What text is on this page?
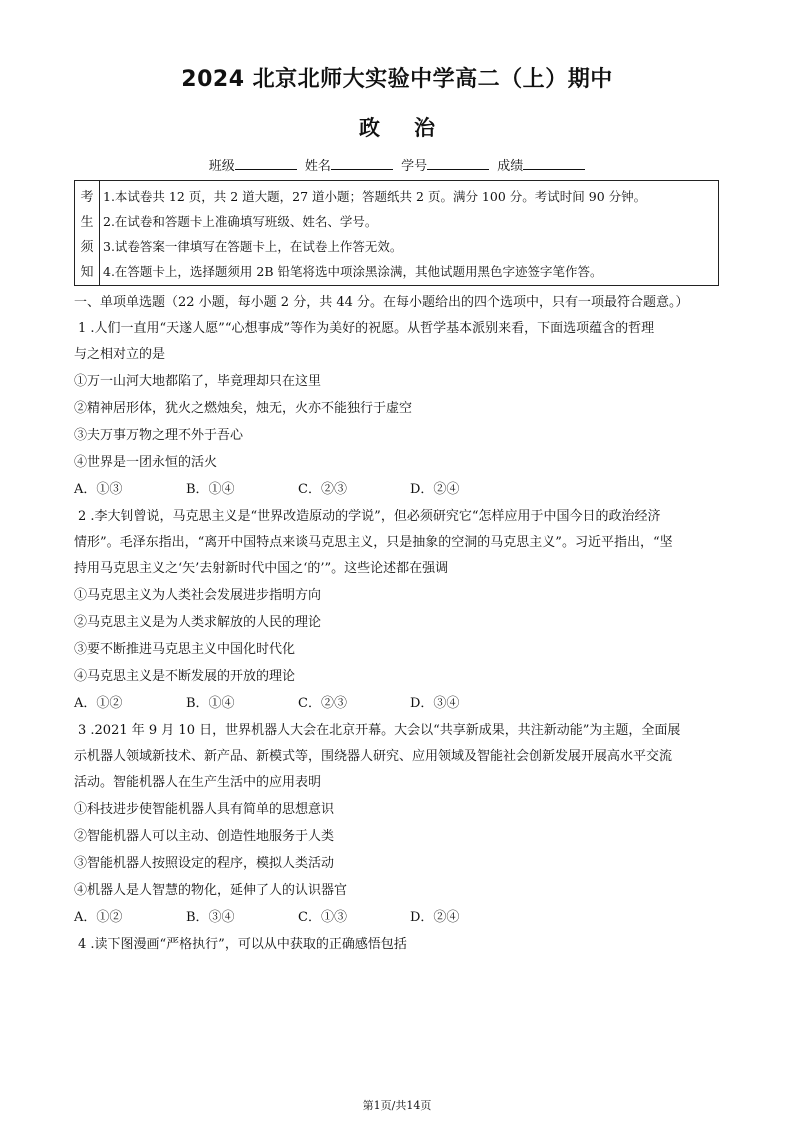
2024 北京北师大实验中学高二（上）期中
政治
班级	姓名	学号	成绩
考
生
须
知
1.本试卷共 12 页，共 2 道大题，27 道小题；答题纸共 2 页。满分 100 分。考试时间 90 分钟。
2.在试卷和答题卡上准确填写班级、姓名、学号。
3.试卷答案一律填写在答题卡上，在试卷上作答无效。
4.在答题卡上，选择题须用 2B 铅笔将选中项涂黑涂满，其他试题用黑色字迹签字笔作答。
一、单项单选题（22 小题，每小题 2 分，共 44 分。在每小题给出的四个选项中，只有一项最符合题意。）

1 .人们一直用“天遂人愿”“心想事成”等作为美好的祝愿。从哲学基本派别来看，下面选项蕴含的哲理

与之相对立的是

①万一山河大地都陷了，毕竟理却只在这里

②精神居形体，犹火之燃烛矣，烛无，火亦不能独行于虚空

③夫万事万物之理不外于吾心

④世界是一团永恒的活火

A．①③	B．①④	C．②③	D．②④

2 .李大钊曾说，马克思主义是“世界改造原动的学说”，但必须研究它“怎样应用于中国今日的政治经济

情形”。毛泽东指出，“离开中国特点来谈马克思主义，只是抽象的空洞的马克思主义”。习近平指出，“坚

持用马克思主义之‘矢’去射新时代中国之‘的’”。这些论述都在强调

①马克思主义为人类社会发展进步指明方向

②马克思主义是为人类求解放的人民的理论

③要不断推进马克思主义中国化时代化

④马克思主义是不断发展的开放的理论

A．①②	B．①④	C．②③	D．③④

3 .2021 年 9 月 10 日，世界机器人大会在北京开幕。大会以“共享新成果，共注新动能”为主题，全面展

示机器人领域新技术、新产品、新模式等，围绕器人研究、应用领域及智能社会创新发展开展高水平交流

活动。智能机器人在生产生活中的应用表明

①科技进步使智能机器人具有简单的思想意识

②智能机器人可以主动、创造性地服务于人类

③智能机器人按照设定的程序，模拟人类活动

④机器人是人智慧的物化，延伸了人的认识器官

A．①②	B．③④	C．①③	D．②④

4 .读下图漫画“严格执行”，可以从中获取的正确感悟包括

第1页/共14页
